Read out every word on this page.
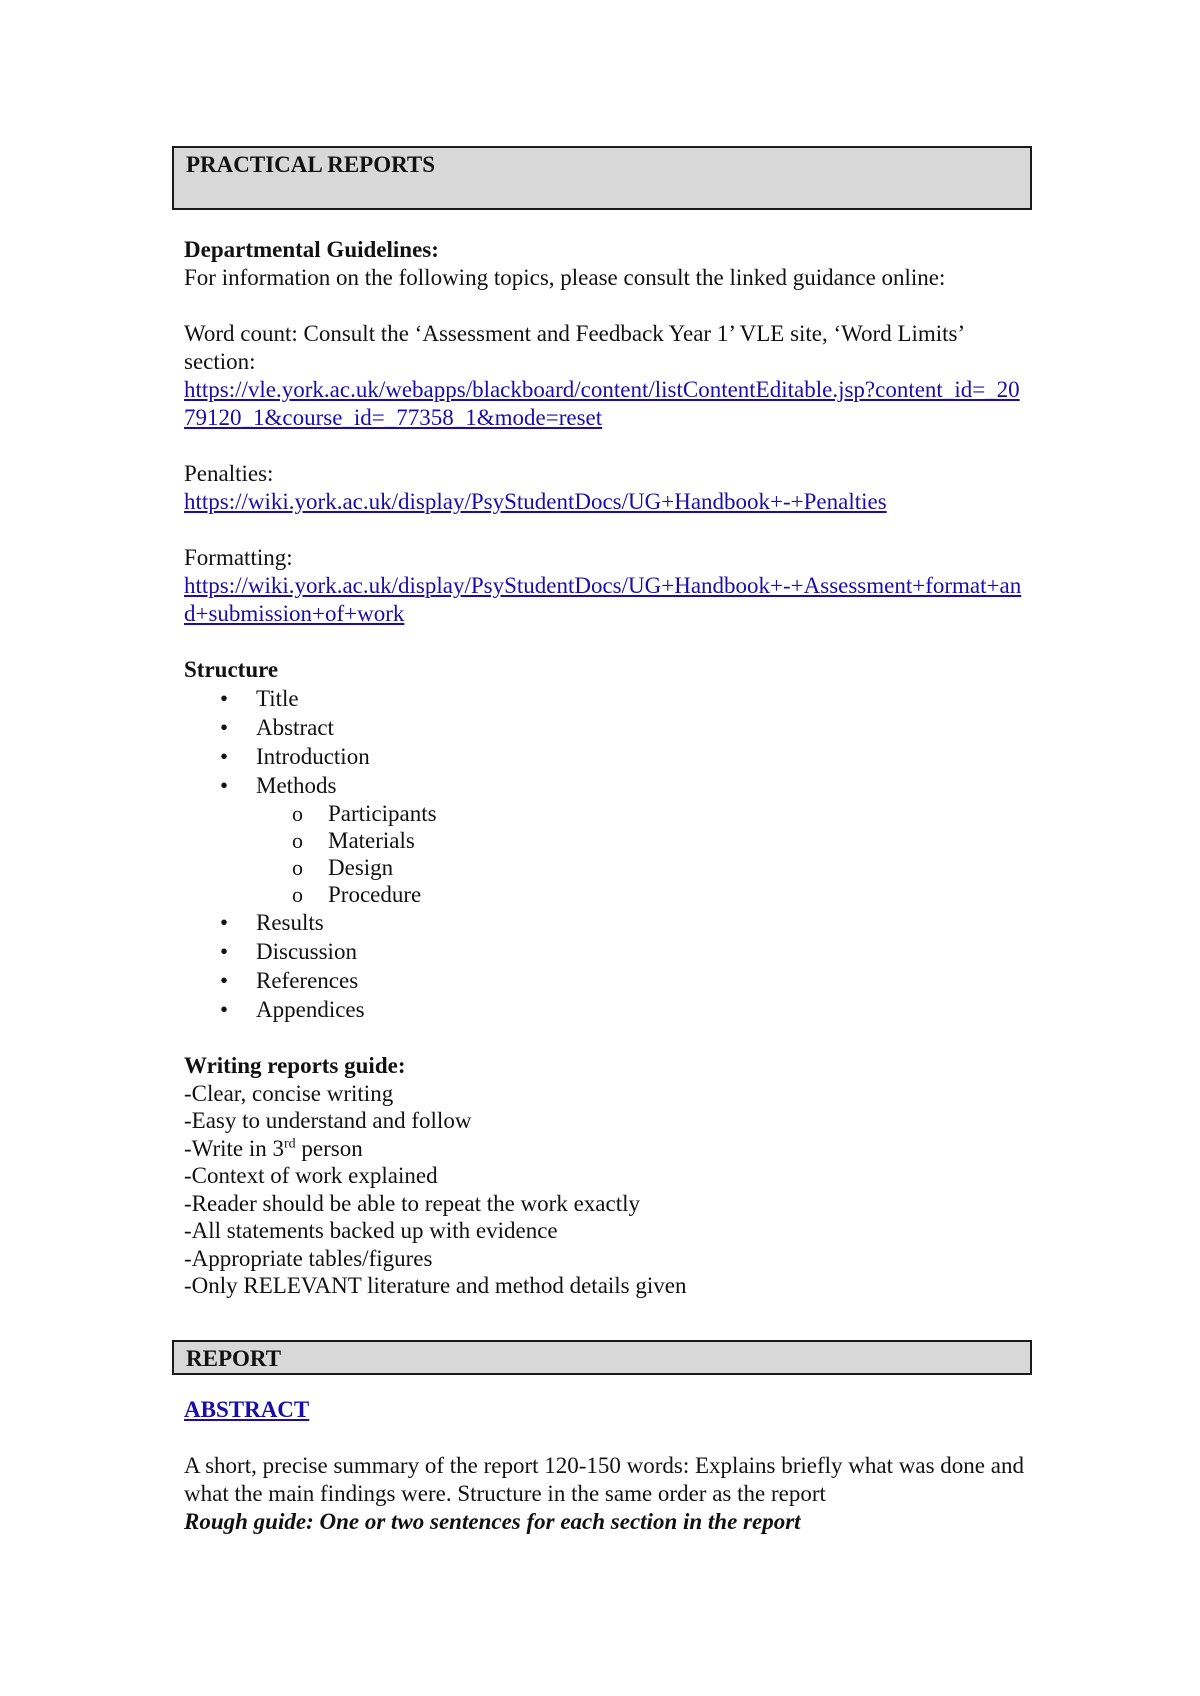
PRACTICAL REPORTS
Departmental Guidelines:
For information on the following topics, please consult the linked guidance online:
Word count: Consult the ‘Assessment and Feedback Year 1’ VLE site, ‘Word Limits’ section:
https://vle.york.ac.uk/webapps/blackboard/content/listContentEditable.jsp?content_id=_2079120_1&course_id=_77358_1&mode=reset
Penalties:
https://wiki.york.ac.uk/display/PsyStudentDocs/UG+Handbook+-+Penalties
Formatting:
https://wiki.york.ac.uk/display/PsyStudentDocs/UG+Handbook+-+Assessment+format+and+submission+of+work
Structure
• Title
• Abstract
• Introduction
• Methods
o Participants
o Materials
o Design
o Procedure
• Results
• Discussion
• References
• Appendices
Writing reports guide:
-Clear, concise writing
-Easy to understand and follow
-Write in 3rd person
-Context of work explained
-Reader should be able to repeat the work exactly
-All statements backed up with evidence
-Appropriate tables/figures
-Only RELEVANT literature and method details given
REPORT
ABSTRACT
A short, precise summary of the report 120-150 words: Explains briefly what was done and what the main findings were. Structure in the same order as the report
Rough guide: One or two sentences for each section in the report
